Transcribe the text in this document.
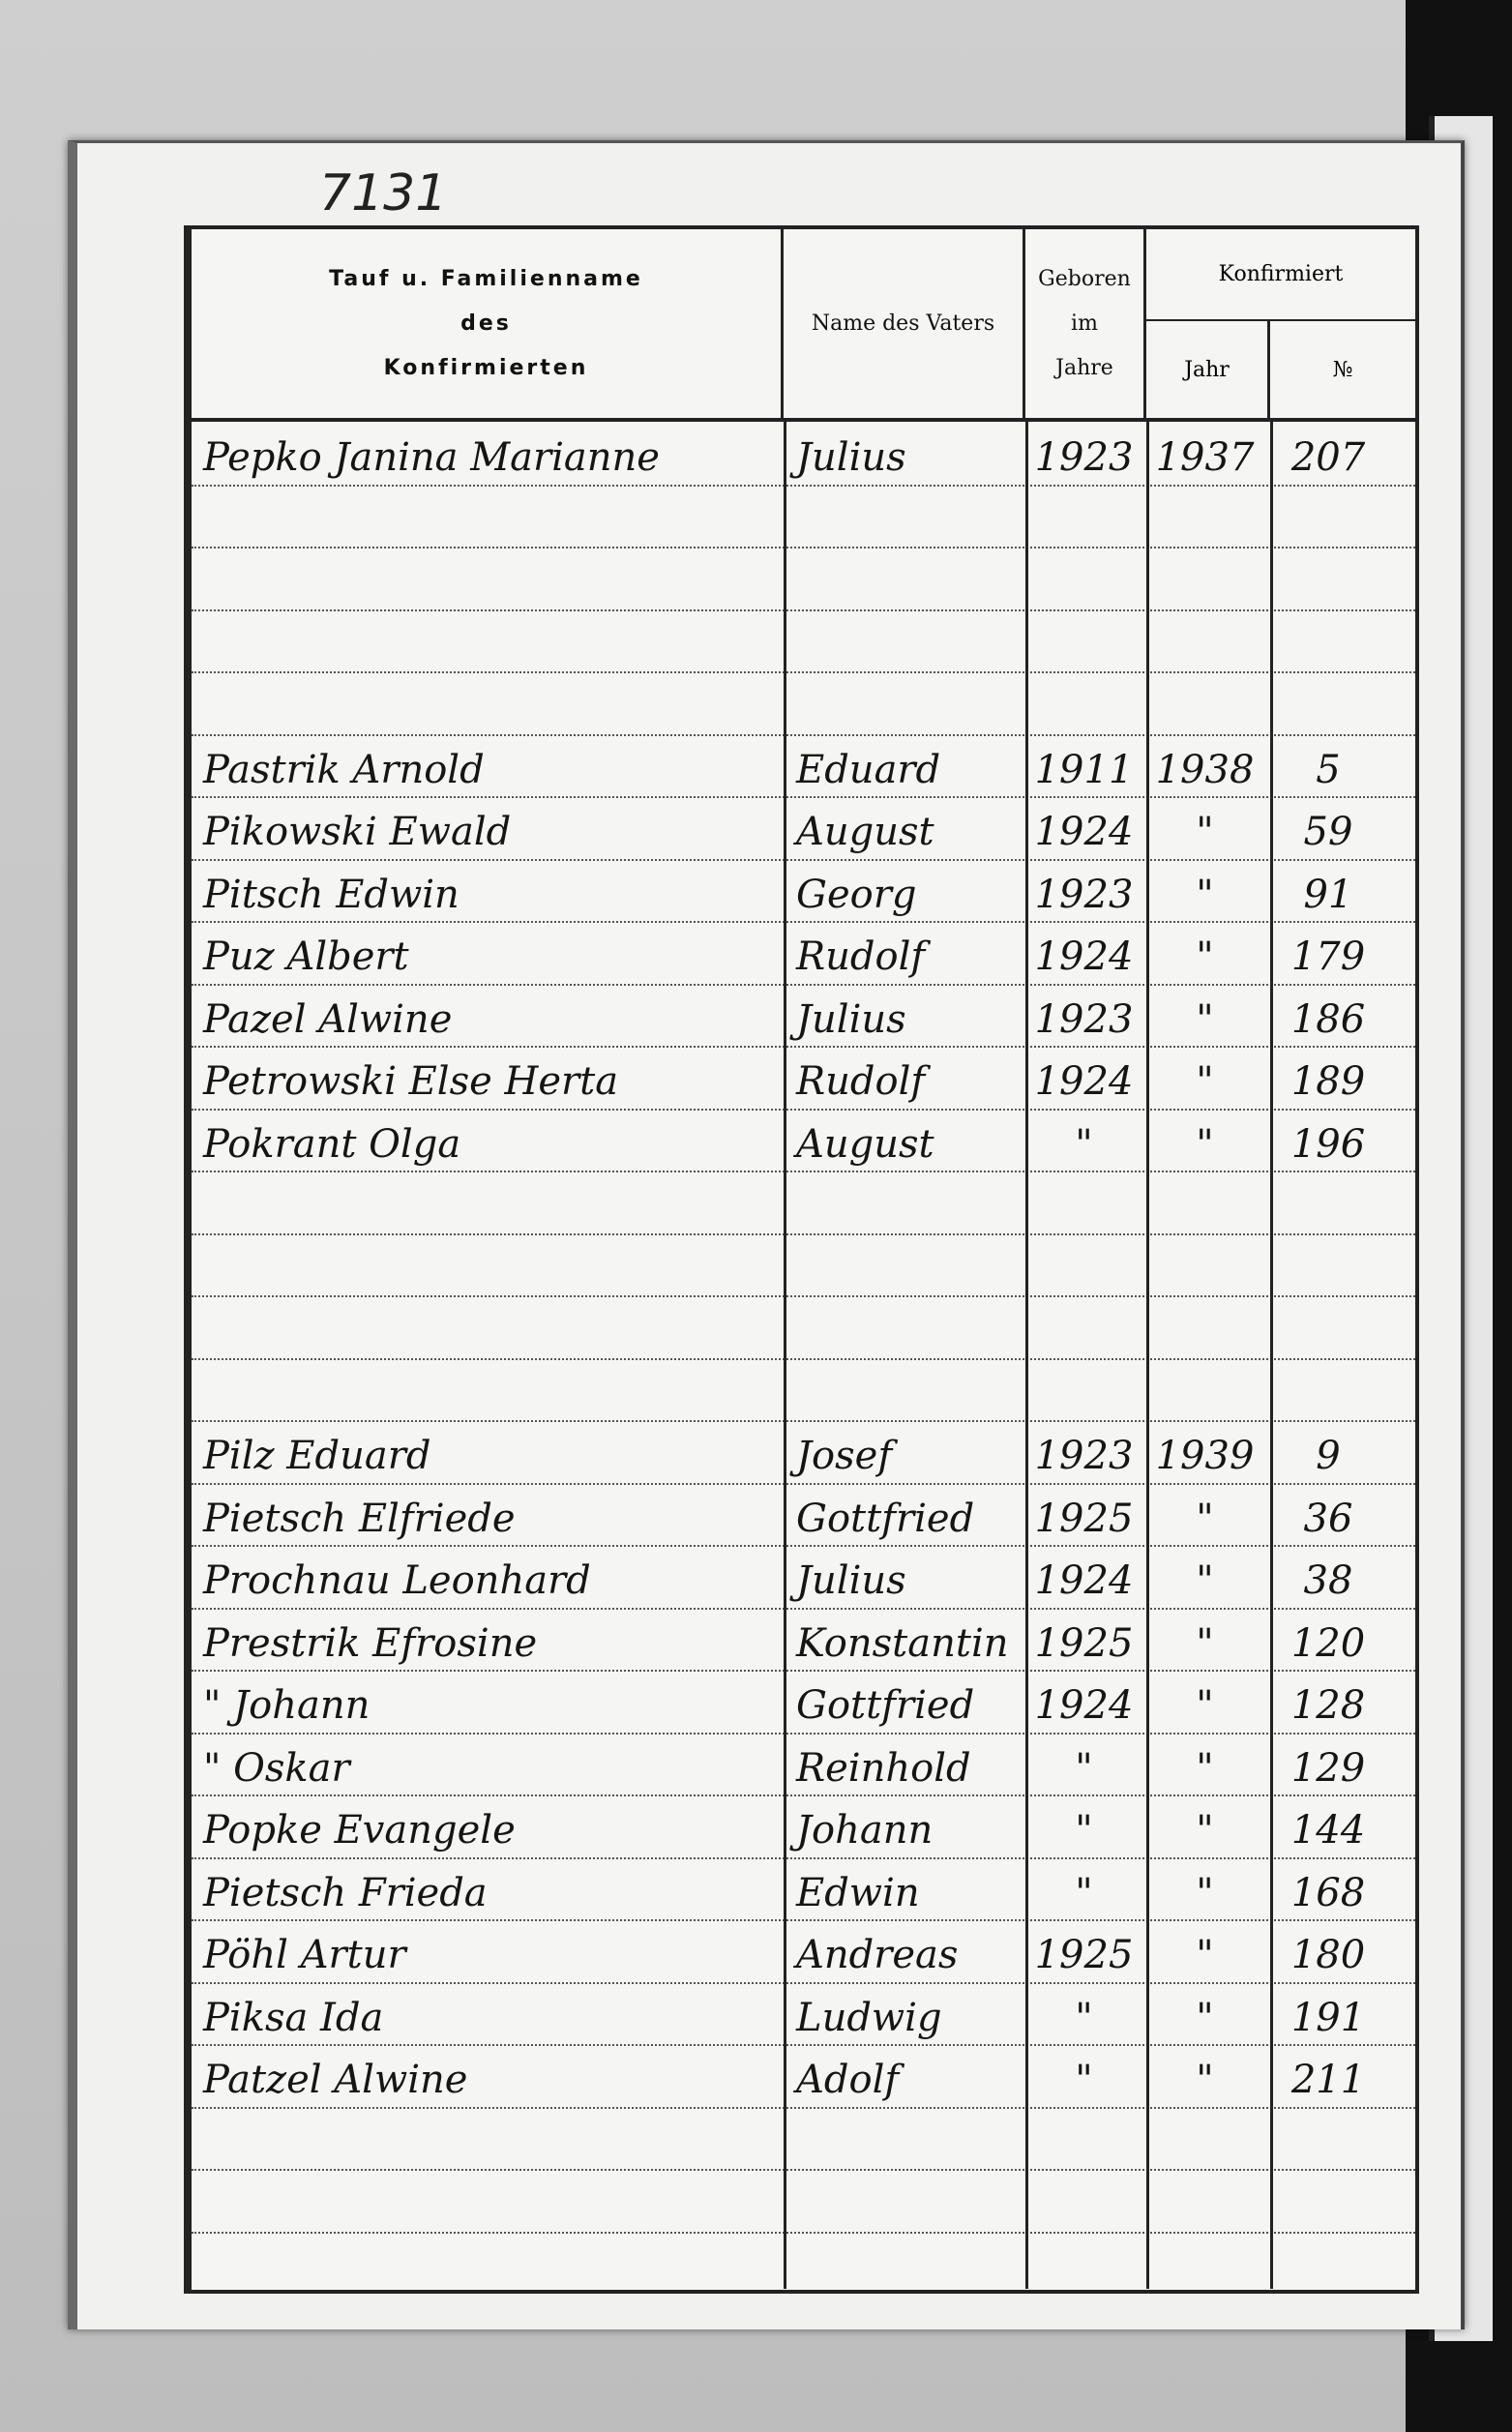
7131
Tauf u. Familienname
des
Konfirmierten
Name des Vaters
Geboren
im
Jahre
Konfirmiert
Jahr	№
Pepko Janina Marianne	Julius	1923 1937 207
Pastrik Arnold	Eduard	1911 1938	5
Pikowski Ewald	August	1924	"	59
Pitsch Edwin	Georg	1923	"	91
Puz Albert	Rudolf	1924	"	179
Pazel Alwine	Julius	1923	"	186
Petrowski Else Herta	Rudolf	1924	"	189
Pokrant Olga	August	"	"	196
Pilz Eduard	Josef	1923 1939	9
Pietsch Elfriede	Gottfried	1925	"	36
Prochnau Leonhard	Julius	1924	"	38
Prestrik Efrosine	Konstantin 1925	"	120
" Johann	Gottfried	1924	"	128
" Oskar	Reinhold	"	"	129
Popke Evangele	Johann	"	"	144
Pietsch Frieda	Edwin	"	"	168
Pöhl Artur	Andreas	1925	"	180
Piksa Ida	Ludwig	"	"	191
Patzel Alwine	Adolf	"	"	211
